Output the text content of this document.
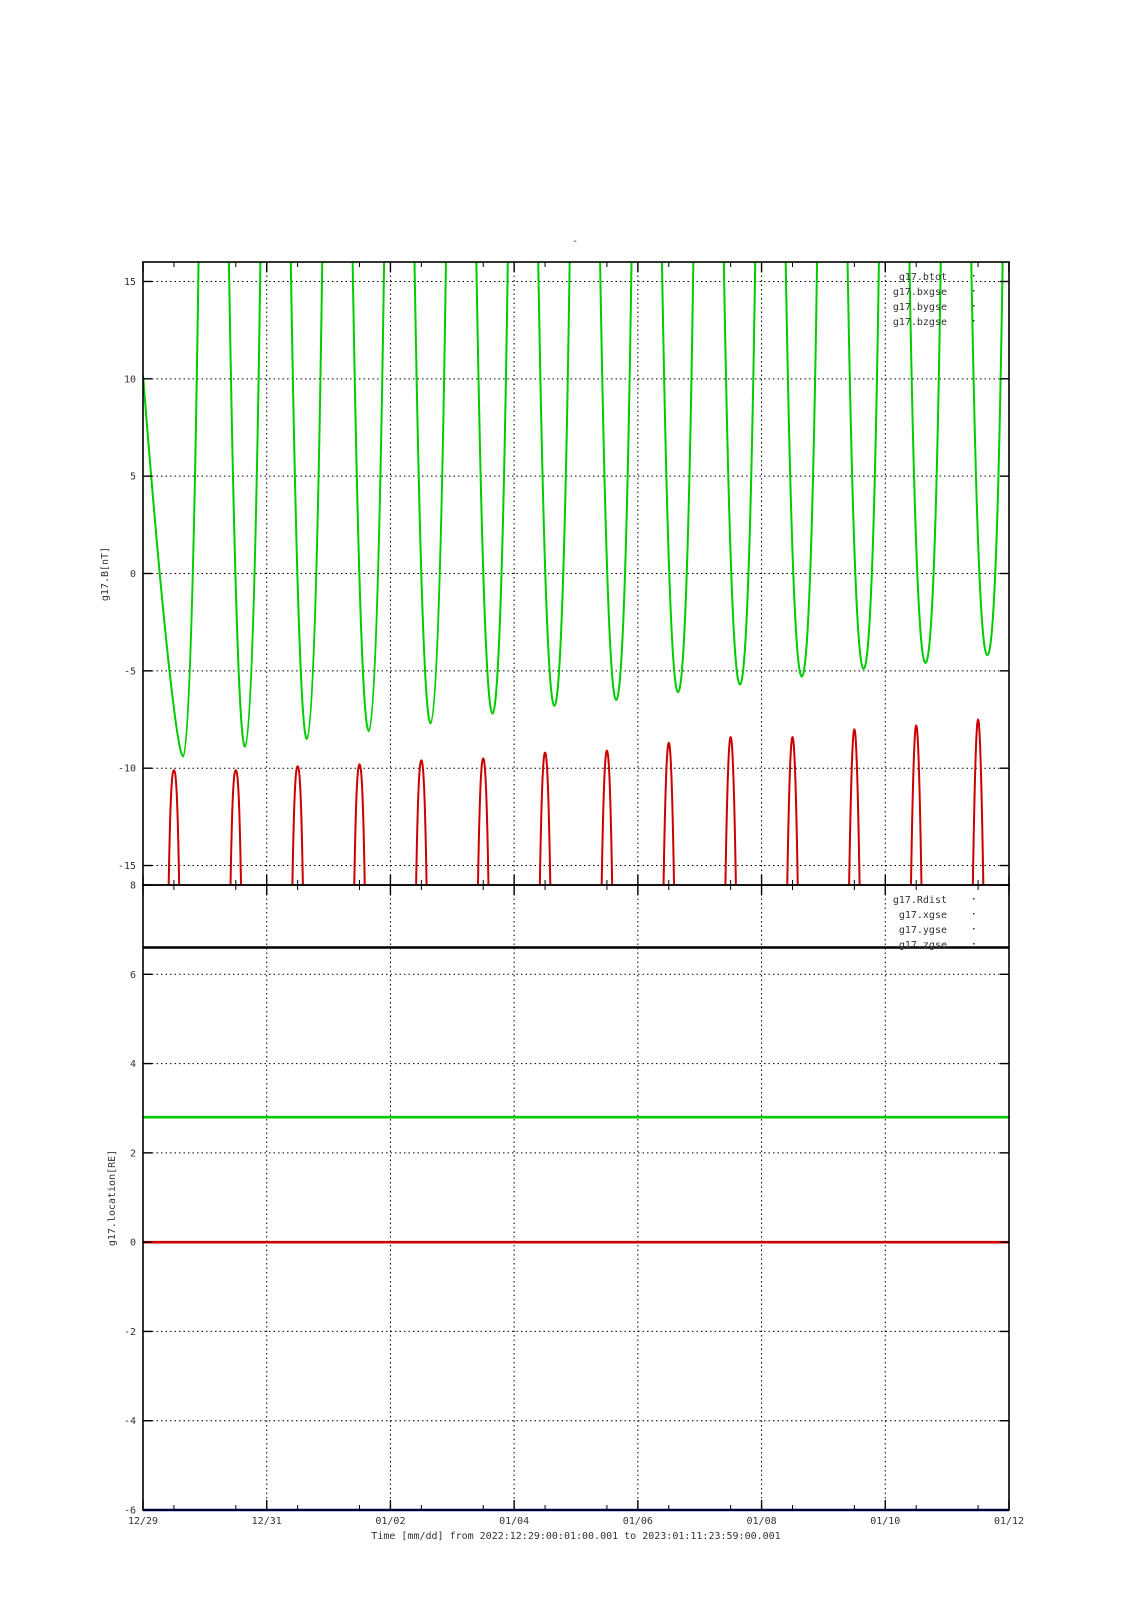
-
-15
-10
-5
0
5
10
15	g17.btot
g17.bxgse
g17.bygse
g17.bzgse
g17.B[nT]
-6
-4
-2
0
2
4
6
8
g17.Rdist
g17.xgse
g17.ygse
g17.zgse
g17.location[RE]
12/29	12/31	01/02	01/04	01/06	01/08	01/10	01/12
Time [mm/dd] from 2022:12:29:00:01:00.001 to 2023:01:11:23:59:00.001
